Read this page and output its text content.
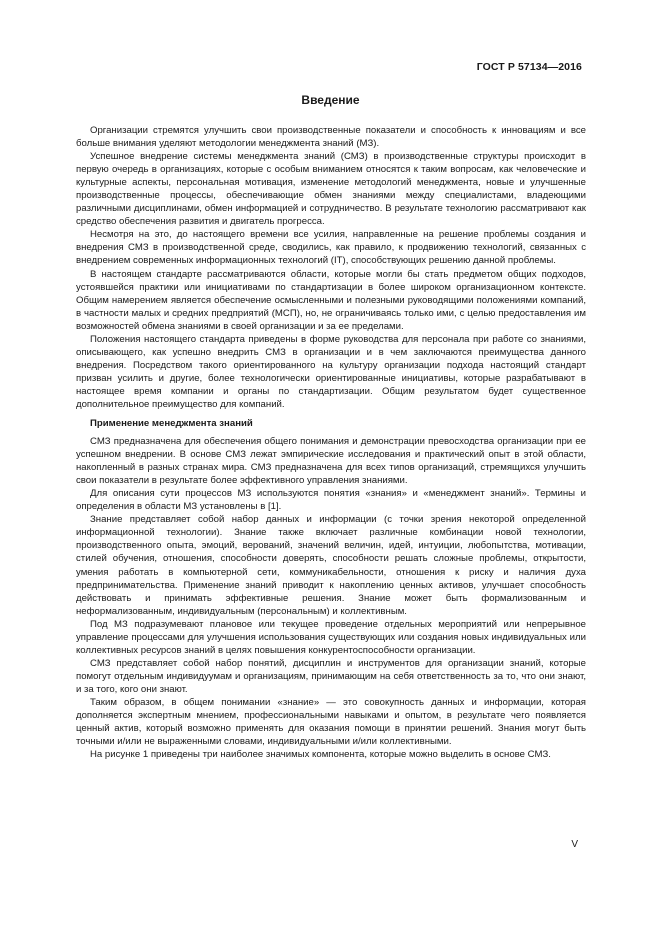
ГОСТ Р 57134—2016
Введение

Организации стремятся улучшить свои производственные показатели и способность к инновациям и все больше внимания уделяют методологии менеджмента знаний (МЗ).

Успешное внедрение системы менеджмента знаний (СМЗ) в производственные структуры происходит в первую очередь в организациях, которые с особым вниманием относятся к таким вопросам, как человеческие и культурные аспекты, персональная мотивация, изменение методологий менеджмента, новые и улучшенные производственные процессы, обеспечивающие обмен знаниями между специалистами, владеющими различными дисциплинами, обмен информацией и сотрудничество. В результате технологию рассматривают как средство обеспечения развития и двигатель прогресса.

Несмотря на это, до настоящего времени все усилия, направленные на решение проблемы создания и внедрения СМЗ в производственной среде, сводились, как правило, к продвижению технологий, связанных с внедрением современных информационных технологий (IT), способствующих решению данной проблемы.

В настоящем стандарте рассматриваются области, которые могли бы стать предметом общих подходов, устоявшейся практики или инициативами по стандартизации в более широком организационном контексте. Общим намерением является обеспечение осмысленными и полезными руководящими положениями компаний, в частности малых и средних предприятий (МСП), но, не ограничиваясь только ими, с целью предоставления им возможностей обмена знаниями в своей организации и за ее пределами.

Положения настоящего стандарта приведены в форме руководства для персонала при работе со знаниями, описывающего, как успешно внедрить СМЗ в организации и в чем заключаются преимущества данного внедрения. Посредством такого ориентированного на культуру организации подхода настоящий стандарт призван усилить и другие, более технологически ориентированные инициативы, которые разрабатывают в настоящее время компании и органы по стандартизации. Общим результатом будет существенное дополнительное преимущество для компаний.

Применение менеджмента знаний

СМЗ предназначена для обеспечения общего понимания и демонстрации превосходства организации при ее успешном внедрении. В основе СМЗ лежат эмпирические исследования и практический опыт в этой области, накопленный в разных странах мира. СМЗ предназначена для всех типов организаций, стремящихся улучшить свои показатели в результате более эффективного управления знаниями.

Для описания сути процессов МЗ используются понятия «знания» и «менеджмент знаний». Термины и определения в области МЗ установлены в [1].

Знание представляет собой набор данных и информации (с точки зрения некоторой определенной информационной технологии). Знание также включает различные комбинации новой технологии, производственного опыта, эмоций, верований, значений величин, идей, интуиции, любопытства, мотивации, стилей обучения, отношения, способности доверять, способности решать сложные проблемы, открытости, умения работать в компьютерной сети, коммуникабельности, отношения к риску и наличия духа предпринимательства. Применение знаний приводит к накоплению ценных активов, улучшает способность действовать и принимать эффективные решения. Знание может быть формализованным и неформализованным, индивидуальным (персональным) и коллективным.

Под МЗ подразумевают плановое или текущее проведение отдельных мероприятий или непрерывное управление процессами для улучшения использования существующих или создания новых индивидуальных или коллективных ресурсов знаний в целях повышения конкурентоспособности организации.

СМЗ представляет собой набор понятий, дисциплин и инструментов для организации знаний, которые помогут отдельным индивидуумам и организациям, принимающим на себя ответственность за то, что они знают, и за того, кого они знают.

Таким образом, в общем понимании «знание» — это совокупность данных и информации, которая дополняется экспертным мнением, профессиональными навыками и опытом, в результате чего появляется ценный актив, который возможно применять для оказания помощи в принятии решений. Знания могут быть точными и/или не выраженными словами, индивидуальными и/или коллективными.

На рисунке 1 приведены три наиболее значимых компонента, которые можно выделить в основе СМЗ.

V
